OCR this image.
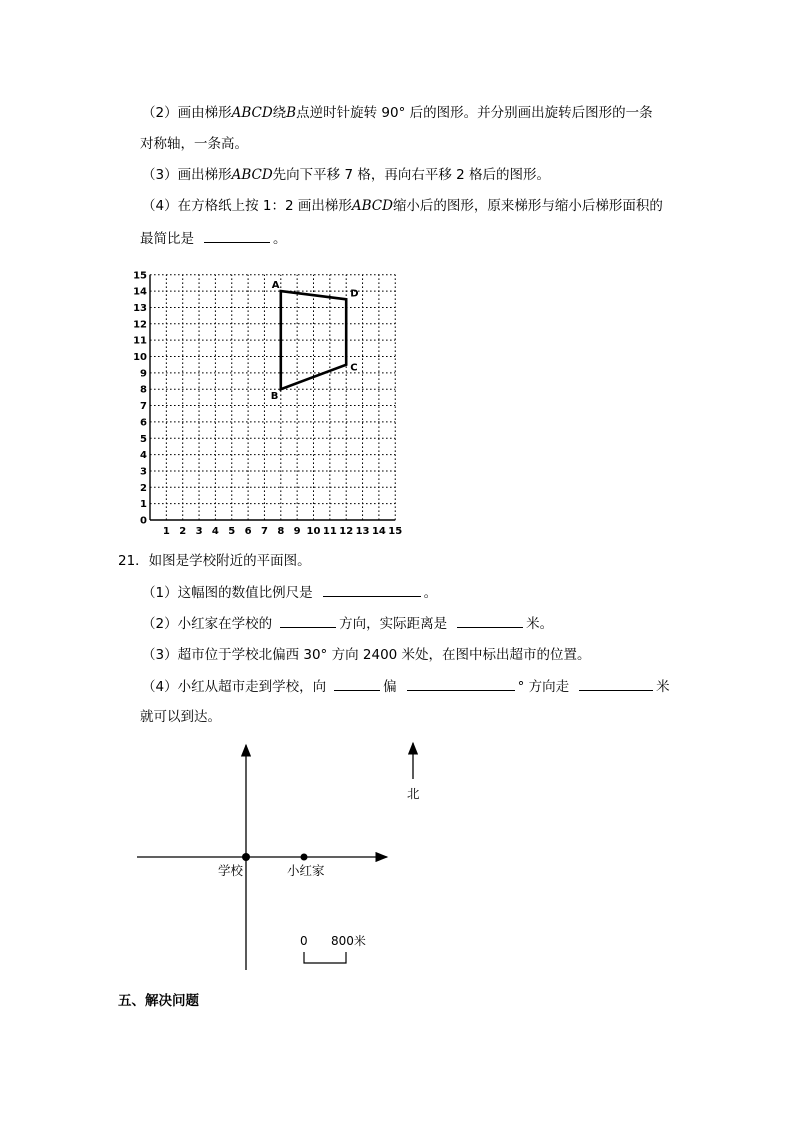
（2）画由梯形ABCD绕B点逆时针旋转 90° 后的图形。并分别画出旋转后图形的一条
对称轴，一条高。
（3）画出梯形ABCD先向下平移 7 格，再向右平移 2 格后的图形。
（4）在方格纸上按 1：2 画出梯形ABCD缩小后的图形，原来梯形与缩小后梯形面积的
最简比是	。
1 2 3 4 5 6 7 8 9 10 11 12 13 14 15
0
1
2
3
4
5
6
7
8
9
10
11
12
13
14
15
A
D
C
B
21．如图是学校附近的平面图。
（1）这幅图的数值比例尺是	。
（2）小红家在学校的	方向，实际距离是	米。
（3）超市位于学校北偏西 30° 方向 2400 米处，在图中标出超市的位置。
（4）小红从超市走到学校，向	偏	° 方向走	米
就可以到达。
学校	小红家
北
0 800米
五、解决问题
